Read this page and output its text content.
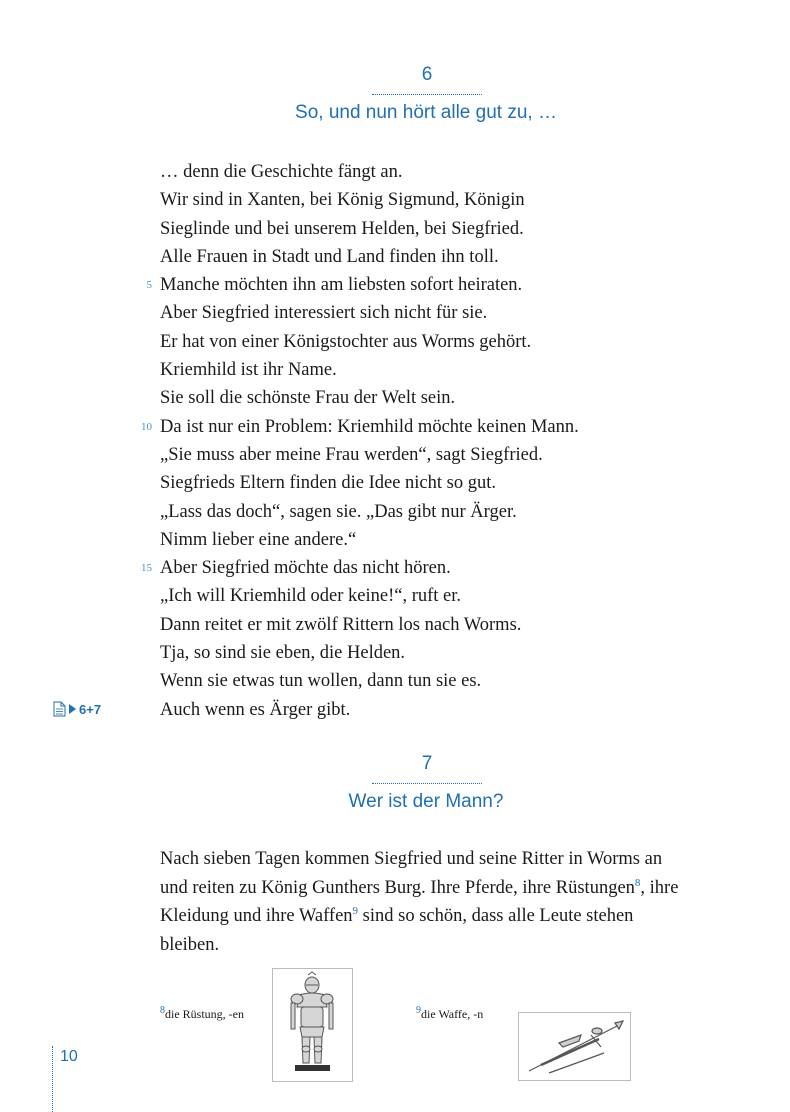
6
So, und nun hört alle gut zu, …
… denn die Geschichte fängt an.
Wir sind in Xanten, bei König Sigmund, Königin
Sieglinde und bei unserem Helden, bei Siegfried.
Alle Frauen in Stadt und Land finden ihn toll.
5 Manche möchten ihn am liebsten sofort heiraten.
Aber Siegfried interessiert sich nicht für sie.
Er hat von einer Königstochter aus Worms gehört.
Kriemhild ist ihr Name.
Sie soll die schönste Frau der Welt sein.
10 Da ist nur ein Problem: Kriemhild möchte keinen Mann.
„Sie muss aber meine Frau werden“, sagt Siegfried.
Siegfrieds Eltern finden die Idee nicht so gut.
„Lass das doch“, sagen sie. „Das gibt nur Ärger.
Nimm lieber eine andere.“
15 Aber Siegfried möchte das nicht hören.
„Ich will Kriemhild oder keine!“, ruft er.
Dann reitet er mit zwölf Rittern los nach Worms.
Tja, so sind sie eben, die Helden.
Wenn sie etwas tun wollen, dann tun sie es.
Auch wenn es Ärger gibt.
6+7
7
Wer ist der Mann?

Nach sieben Tagen kommen Siegfried und seine Ritter in Worms an und reiten zu König Gunthers Burg. Ihre Pferde, ihre Rüstungen$^8$, ihre Kleidung und ihre Waffen$^9$ sind so schön, dass alle Leute stehen bleiben.

$^8$die Rüstung, -en	$^9$die Waffe, -n
10
